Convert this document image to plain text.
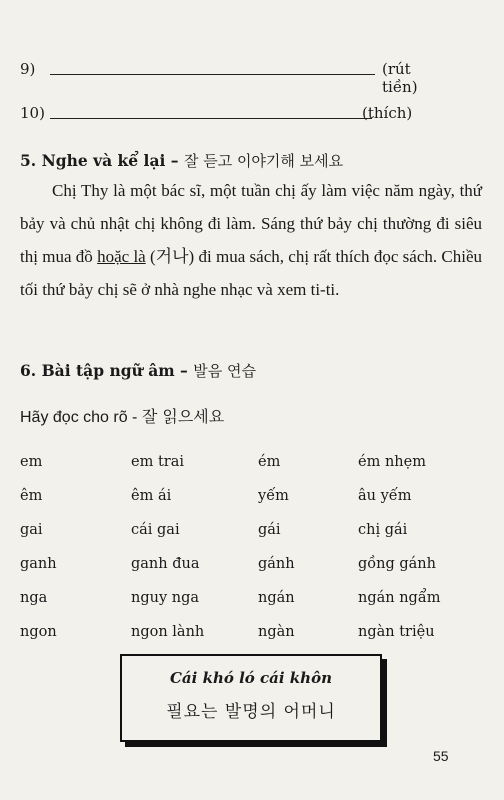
9)	(rút tiền)
10)	(thích)
5. Nghe và kể lại – 잘 듣고 이야기해 보세요
Chị Thy là một bác sĩ, một tuần chị ấy làm việc năm ngày, thứ bảy và chủ nhật chị không đi làm. Sáng thứ bảy chị thường đi siêu thị mua đồ hoặc là (거나) đi mua sách, chị rất thích đọc sách. Chiều tối thứ bảy chị sẽ ở nhà nghe nhạc và xem ti-ti.
6. Bài tập ngữ âm – 발음 연습
Hãy đọc cho rõ - 잘 읽으세요
em	em trai	ém	ém nhẹm
êm	êm ái	yếm	âu yếm
gai	cái gai	gái	chị gái
ganh	ganh đua	gánh	gồng gánh
nga	nguy nga	ngán	ngán ngẩm
ngon	ngon lành	ngàn	ngàn triệu
Cái khó ló cái khôn
필요는 발명의 어머니
55
